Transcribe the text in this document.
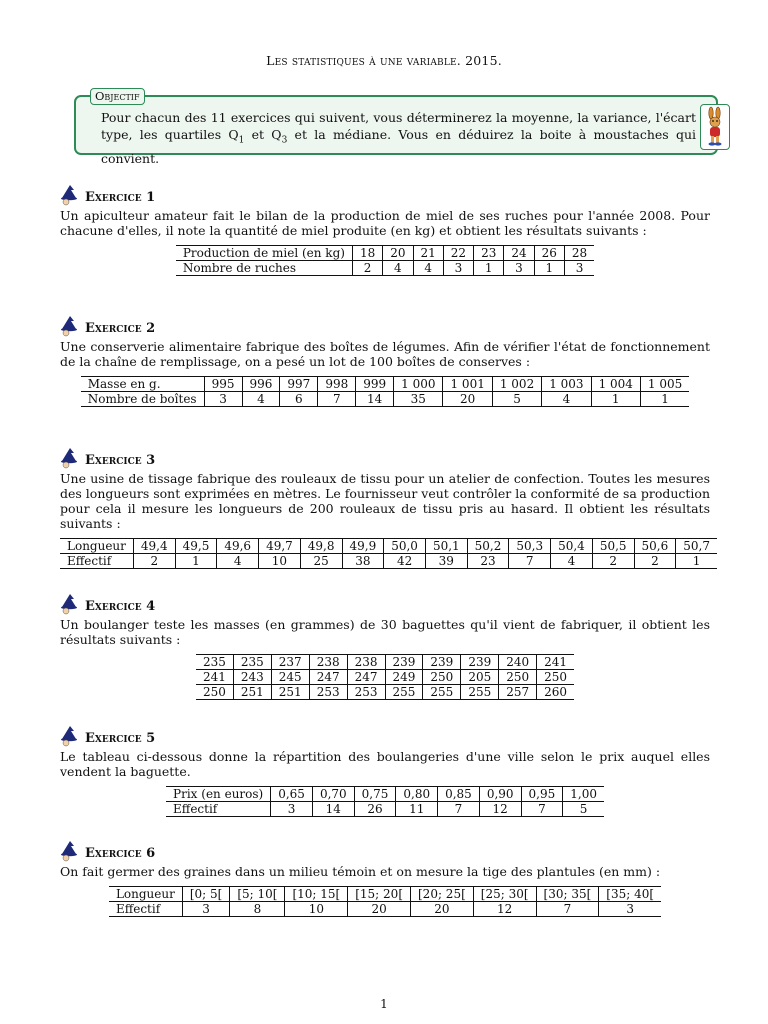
Les statistiques à une variable. 2015.
Objectif
Pour chacun des 11 exercices qui suivent, vous déterminerez la moyenne, la variance, l'écart type, les quartiles $Q_1$ et $Q_3$ et la médiane. Vous en déduirez la boite à moustaches qui convient.
Exercice 1
Un apiculteur amateur fait le bilan de la production de miel de ses ruches pour l'année 2008. Pour chacune d'elles, il note la quantité de miel produite (en kg) et obtient les résultats suivants :
Production de miel (en kg)	18	20	21	22	23	24	26	28
Nombre de ruches	2	4	4	3	1	3	1	3
Exercice 2
Une conserverie alimentaire fabrique des boîtes de légumes. Afin de vérifier l'état de fonctionnement de la chaîne de remplissage, on a pesé un lot de 100 boîtes de conserves :
Masse en g.	995	996	997	998	999	1 000	1 001	1 002	1 003	1 004	1 005
Nombre de boîtes	3	4	6	7	14	35	20	5	4	1	1
Exercice 3
Une usine de tissage fabrique des rouleaux de tissu pour un atelier de confection. Toutes les mesures des longueurs sont exprimées en mètres. Le fournisseur veut contrôler la conformité de sa production pour cela il mesure les longueurs de 200 rouleaux de tissu pris au hasard. Il obtient les résultats suivants :
Longueur	49,4	49,5	49,6	49,7	49,8	49,9	50,0	50,1	50,2	50,3	50,4	50,5	50,6	50,7
Effectif	2	1	4	10	25	38	42	39	23	7	4	2	2	1
Exercice 4
Un boulanger teste les masses (en grammes) de 30 baguettes qu'il vient de fabriquer, il obtient les résultats suivants :
235	235	237	238	238	239	239	239	240	241
241	243	245	247	247	249	250	205	250	250
250	251	251	253	253	255	255	255	257	260
Exercice 5
Le tableau ci-dessous donne la répartition des boulangeries d'une ville selon le prix auquel elles vendent la baguette.
Prix (en euros)	0,65	0,70	0,75	0,80	0,85	0,90	0,95	1,00
Effectif	3	14	26	11	7	12	7	5
Exercice 6
On fait germer des graines dans un milieu témoin et on mesure la tige des plantules (en mm) :
Longueur	[0; 5[	[5; 10[	[10; 15[	[15; 20[	[20; 25[	[25; 30[	[30; 35[	[35; 40[
Effectif	3	8	10	20	20	12	7	3
1
